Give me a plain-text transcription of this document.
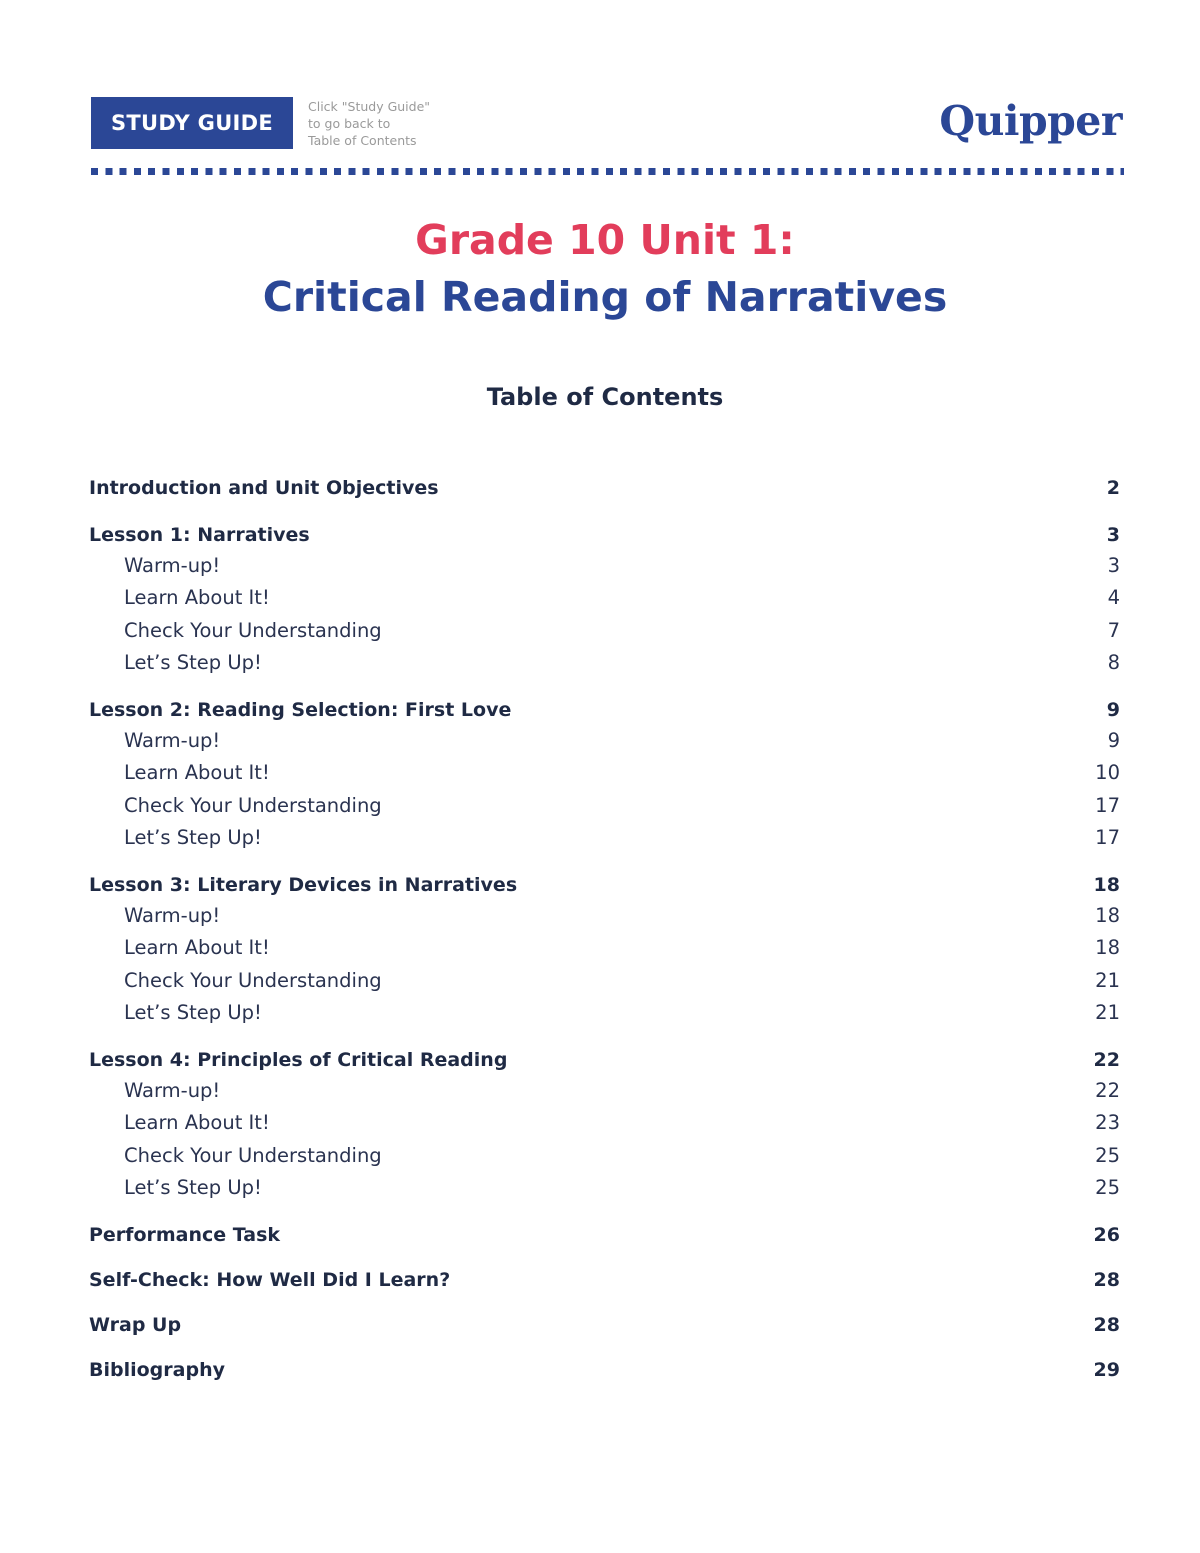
STUDY GUIDE
Click "Study Guide"
to go back to
Table of Contents	Quipper
Grade 10 Unit 1:
Critical Reading of Narratives
Table of Contents
Introduction and Unit Objectives	2
Lesson 1: Narratives	3
Warm-up!	3
Learn About It!	4
Check Your Understanding	7
Let’s Step Up!	8
Lesson 2: Reading Selection: First Love	9
Warm-up!	9
Learn About It!	10
Check Your Understanding	17
Let’s Step Up!	17
Lesson 3: Literary Devices in Narratives	18
Warm-up!	18
Learn About It!	18
Check Your Understanding	21
Let’s Step Up!	21
Lesson 4: Principles of Critical Reading	22
Warm-up!	22
Learn About It!	23
Check Your Understanding	25
Let’s Step Up!	25
Performance Task	26
Self-Check: How Well Did I Learn?	28
Wrap Up	28
Bibliography	29
